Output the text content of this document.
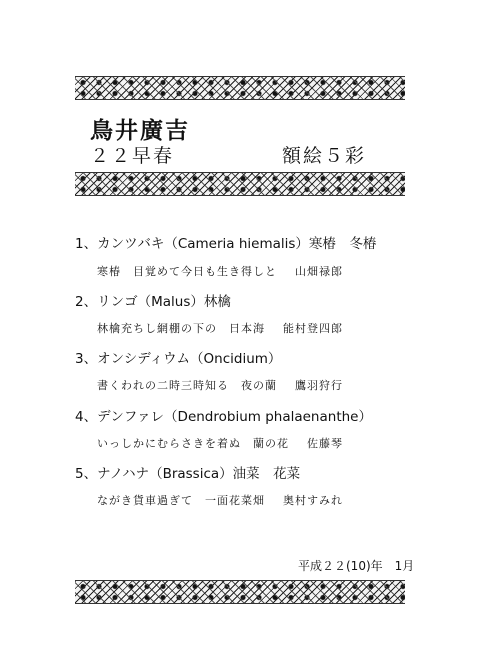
鳥井廣吉
２２早春	額絵５彩
1、カンツバキ（Cameria hiemalis）寒椿　冬椿
寒椿　目覚めて今日も生き得しと 山畑禄郎
2、リンゴ（Malus）林檎
林檎充ちし網棚の下の　日本海 能村登四郎
3、オンシディウム（Oncidium）
書くわれの二時三時知る　夜の蘭 鷹羽狩行
4、デンファレ（Dendrobium phalaenanthe）
いっしかにむらさきを着ぬ　蘭の花 佐藤琴
5、ナノハナ（Brassica）油菜　花菜
ながき貨車過ぎて　一面花菜畑 奥村すみれ
平成２２(10)年　1月
